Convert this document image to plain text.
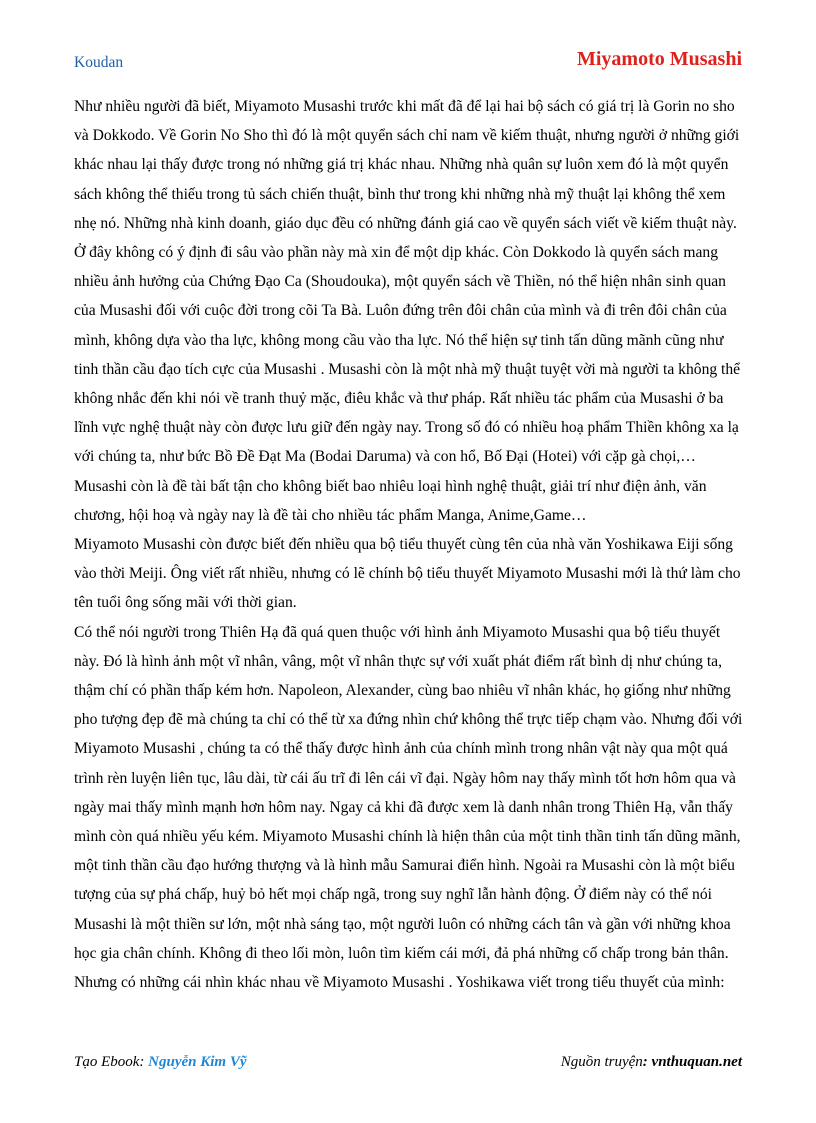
Koudan	Miyamoto Musashi

Như nhiều người đã biết, Miyamoto Musashi trước khi mất đã để lại hai bộ sách có giá trị là Gorin no sho và Dokkodo. Về Gorin No Sho thì đó là một quyển sách chỉ nam về kiếm thuật, nhưng người ở những giới khác nhau lại thấy được trong nó những giá trị khác nhau. Những nhà quân sự luôn xem đó là một quyển sách không thể thiếu trong tủ sách chiến thuật, bình thư trong khi những nhà mỹ thuật lại không thể xem nhẹ nó. Những nhà kinh doanh, giáo dục đều có những đánh giá cao về quyển sách viết về kiếm thuật này. Ở đây không có ý định đi sâu vào phần này mà xin để một dịp khác. Còn Dokkodo là quyển sách mang nhiều ảnh hưởng của Chứng Đạo Ca (Shoudouka), một quyển sách về Thiền, nó thể hiện nhân sinh quan của Musashi đối với cuộc đời trong cõi Ta Bà. Luôn đứng trên đôi chân của mình và đi trên đôi chân của mình, không dựa vào tha lực, không mong cầu vào tha lực. Nó thể hiện sự tinh tấn dũng mãnh cũng như tinh thần cầu đạo tích cực của Musashi . Musashi còn là một nhà mỹ thuật tuyệt vời mà người ta không thể không nhắc đến khi nói về tranh thuỷ mặc, điêu khắc và thư pháp. Rất nhiều tác phẩm của Musashi ở ba lĩnh vực nghệ thuật này còn được lưu giữ đến ngày nay. Trong số đó có nhiều hoạ phẩm Thiền không xa lạ với chúng ta, như bức Bồ Đề Đạt Ma (Bodai Daruma) và con hổ, Bố Đại (Hotei) với cặp gà chọi,… Musashi còn là đề tài bất tận cho không biết bao nhiêu loại hình nghệ thuật, giải trí như điện ảnh, văn chương, hội hoạ và ngày nay là đề tài cho nhiều tác phẩm Manga, Anime,Game…

Miyamoto Musashi còn được biết đến nhiều qua bộ tiểu thuyết cùng tên của nhà văn Yoshikawa Eiji sống vào thời Meiji. Ông viết rất nhiều, nhưng có lẽ chính bộ tiểu thuyết Miyamoto Musashi mới là thứ làm cho tên tuổi ông sống mãi với thời gian.

Có thể nói người trong Thiên Hạ đã quá quen thuộc với hình ảnh Miyamoto Musashi qua bộ tiểu thuyết này. Đó là hình ảnh một vĩ nhân, vâng, một vĩ nhân thực sự với xuất phát điểm rất bình dị như chúng ta, thậm chí có phần thấp kém hơn. Napoleon, Alexander, cùng bao nhiêu vĩ nhân khác, họ giống như những pho tượng đẹp đẽ mà chúng ta chỉ có thể từ xa đứng nhìn chứ không thể trực tiếp chạm vào. Nhưng đối với Miyamoto Musashi , chúng ta có thể thấy được hình ảnh của chính mình trong nhân vật này qua một quá trình rèn luyện liên tục, lâu dài, từ cái ấu trĩ đi lên cái vĩ đại. Ngày hôm nay thấy mình tốt hơn hôm qua và ngày mai thấy mình mạnh hơn hôm nay. Ngay cả khi đã được xem là danh nhân trong Thiên Hạ, vẫn thấy mình còn quá nhiều yếu kém. Miyamoto Musashi chính là hiện thân của một tinh thần tinh tấn dũng mãnh, một tinh thần cầu đạo hướng thượng và là hình mẫu Samurai điển hình. Ngoài ra Musashi còn là một biểu tượng của sự phá chấp, huỷ bỏ hết mọi chấp ngã, trong suy nghĩ lẫn hành động. Ở điểm này có thể nói Musashi là một thiền sư lớn, một nhà sáng tạo, một người luôn có những cách tân và gần với những khoa học gia chân chính. Không đi theo lối mòn, luôn tìm kiếm cái mới, đả phá những cố chấp trong bản thân.

Nhưng có những cái nhìn khác nhau về Miyamoto Musashi . Yoshikawa viết trong tiểu thuyết của mình:

Tạo Ebook: Nguyễn Kim Vỹ	Nguồn truyện: vnthuquan.net
